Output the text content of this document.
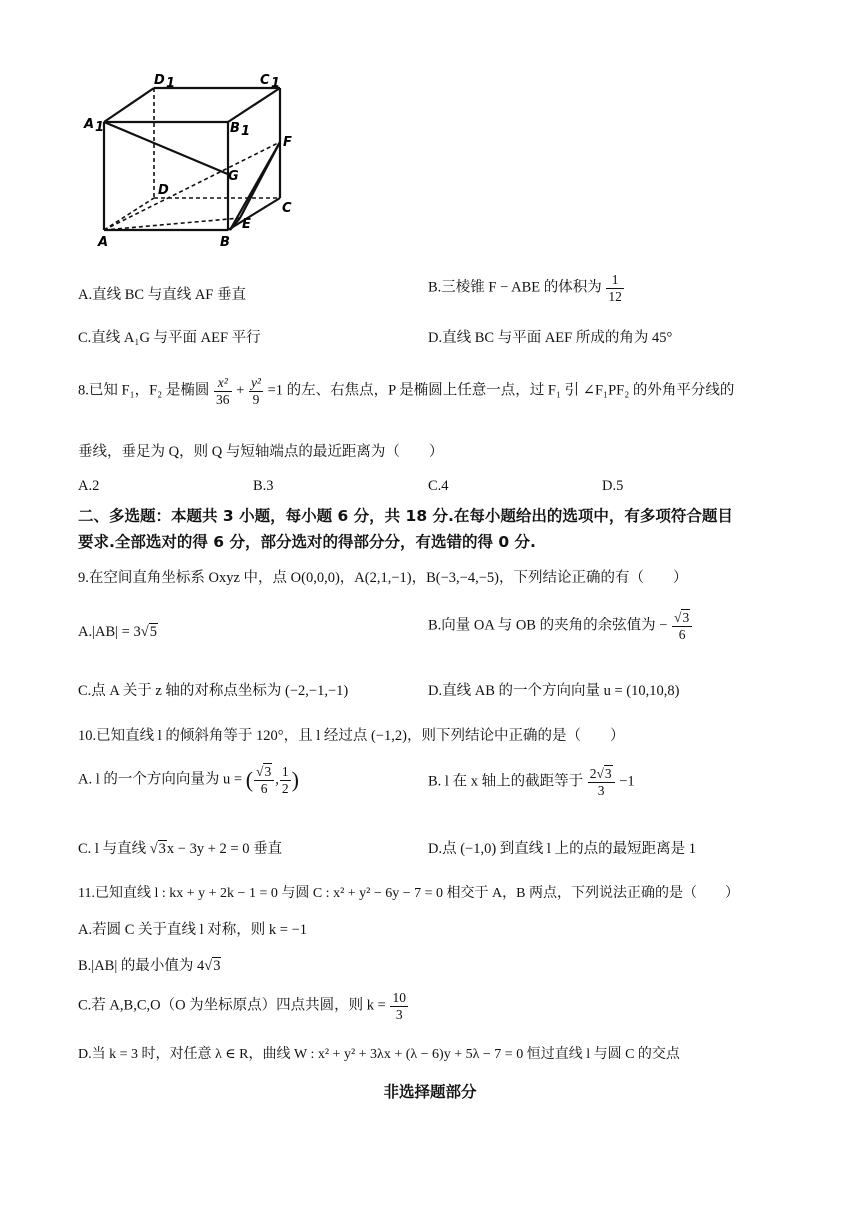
A 1
D 1	C 1
B 1
F
G
D
C
E
A	B
A.直线 BC 与直线 AF 垂直	B.三棱锥 F − ABE 的体积为 $\frac{1}{12}$
C.直线 A₁G 与平面 AEF 平行	D.直线 BC 与平面 AEF 所成的角为 45°
8.已知 F₁，F₂ 是椭圆 $\frac{\text{x²}}{36} + \frac{\text{y²}}{9} =1$ 的左、右焦点，P 是椭圆上任意一点，过 F₁ 引 ∠F₁PF₂ 的外角平分线的
垂线，垂足为 Q，则 Q 与短轴端点的最近距离为（　　）
A.2	B.3	C.4	D.5
二、多选题：本题共 3 小题，每小题 6 分，共 18 分.在每小题给出的选项中，有多项符合题目
要求.全部选对的得 6 分，部分选对的得部分分，有选错的得 0 分.
9.在空间直角坐标系 Oxyz 中，点 O(0,0,0)，A(2,1,−1)，B(−3,−4,−5)，下列结论正确的有（　　）
A.|AB| = 3√5	B.向量 OA 与 OB 的夹角的余弦值为 − $\frac{√3}{6}$
C.点 A 关于 z 轴的对称点坐标为 (−2,−1,−1)	D.直线 AB 的一个方向向量 u = (10,10,8)
10.已知直线 l 的倾斜角等于 120°，且 l 经过点 (−1,2)，则下列结论中正确的是（　　）
A. l 的一个方向向量为 u = ( $\frac{√3}{6}$ , $\frac{1}{2}$ )	B. l 在 x 轴上的截距等于 $\frac{2√3}{3} -1$
C. l 与直线 √3x − 3y + 2 = 0 垂直	D.点 (−1,0) 到直线 l 上的点的最短距离是 1
11.已知直线 l : kx + y + 2k − 1 = 0 与圆 C : x² + y² − 6y − 7 = 0 相交于 A，B 两点，下列说法正确的是（　　）
A.若圆 C 关于直线 l 对称，则 k = −1
B.|AB| 的最小值为 4√3
C.若 A,B,C,O（O 为坐标原点）四点共圆，则 $k = \frac{10}{3}$
D.当 k = 3 时，对任意 λ ∈ R，曲线 W : x² + y² + 3λx + (λ − 6)y + 5λ − 7 = 0 恒过直线 l 与圆 C 的交点
非选择题部分
